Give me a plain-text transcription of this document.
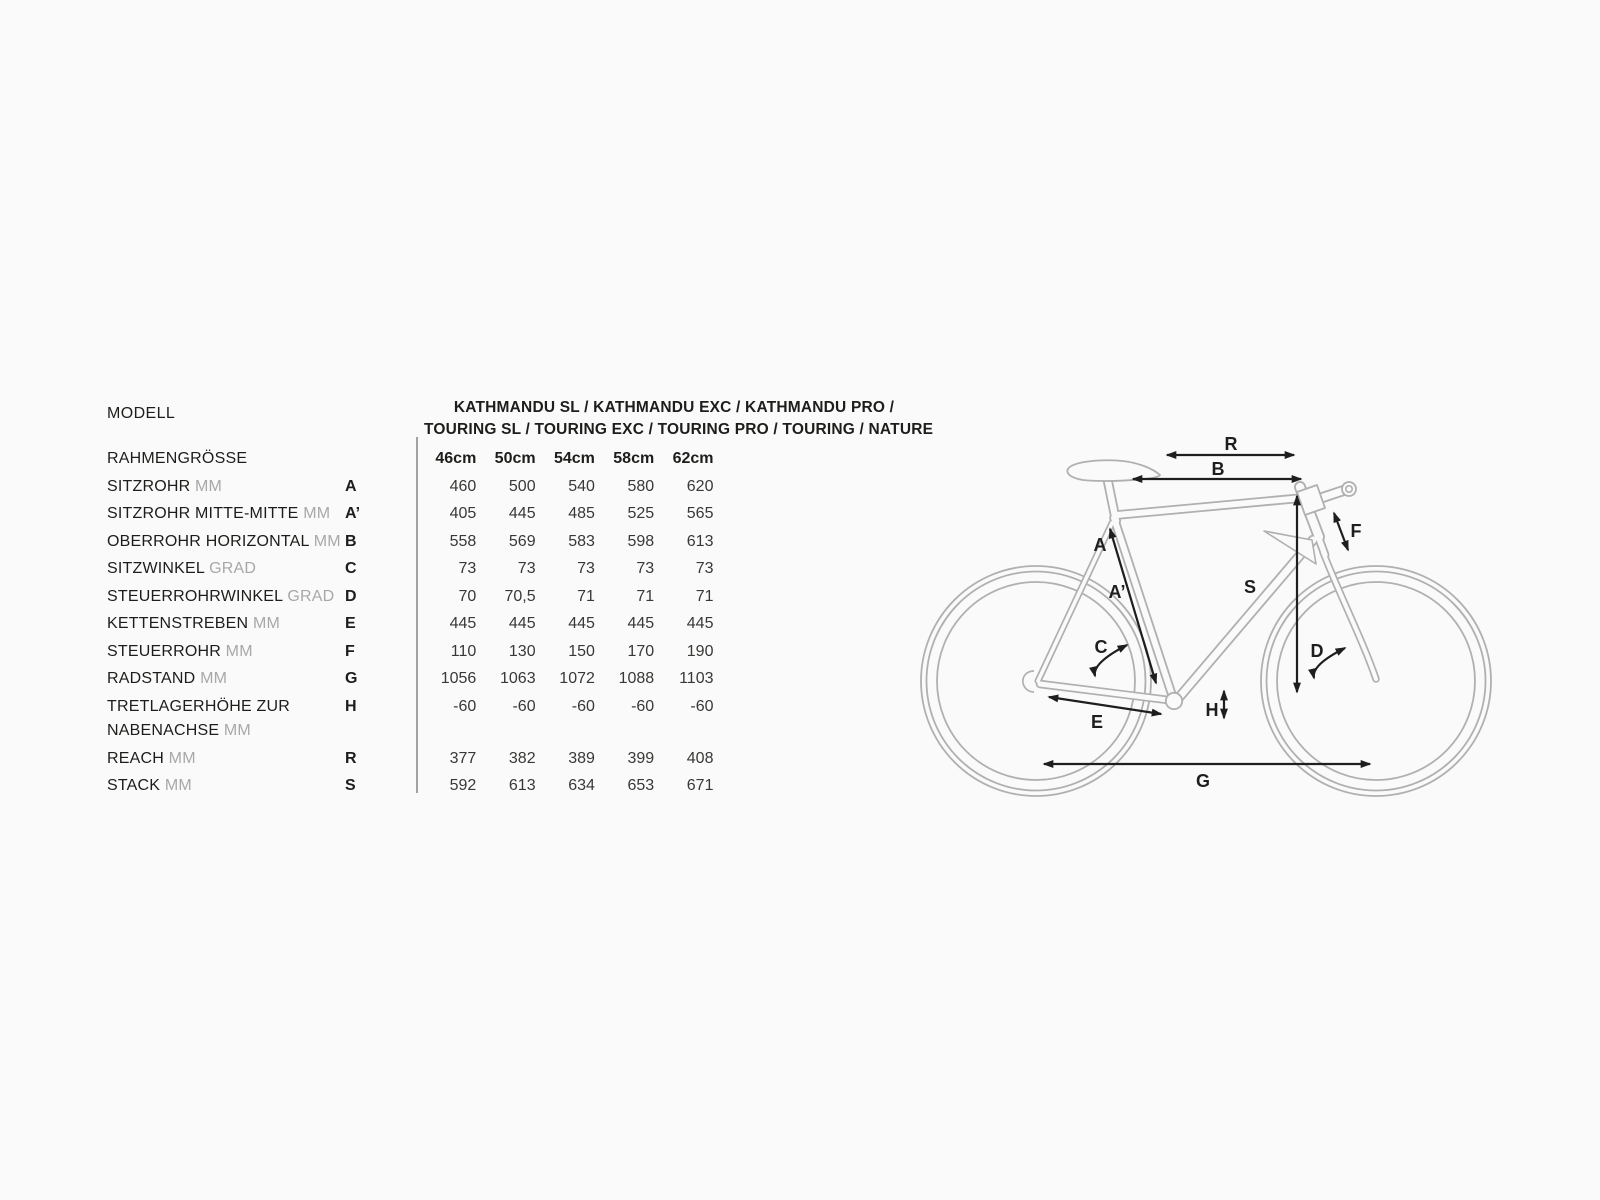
MODELL	KATHMANDU SL / KATHMANDU EXC / KATHMANDU PRO /
TOURING SL / TOURING EXC / TOURING PRO / TOURING / NATURE
RAHMENGRÖSSE	46cm	50cm	54cm	58cm	62cm
SITZROHR MM	A	460	500	540	580	620
SITZROHR MITTE-MITTE MM A’	405	445	485	525	565
OBERROHR HORIZONTAL MM B	558	569	583	598	613
SITZWINKEL GRAD	C	73	73	73	73	73
STEUERROHRWINKEL GRAD D	70	70,5	71	71	71
KETTENSTREBEN MM	E	445	445	445	445	445
STEUERROHR MM	F	110	130	150	170	190
RADSTAND MM	G	1056	1063	1072	1088	1103
TRETLAGERHÖHE ZUR
NABENACHSE MM
H	-60	-60	-60	-60	-60
REACH MM	R	377	382	389	399	408
STACK MM	S	592	613	634	653	671
R
B
A
A’
C	D
E
F
G
H
S
